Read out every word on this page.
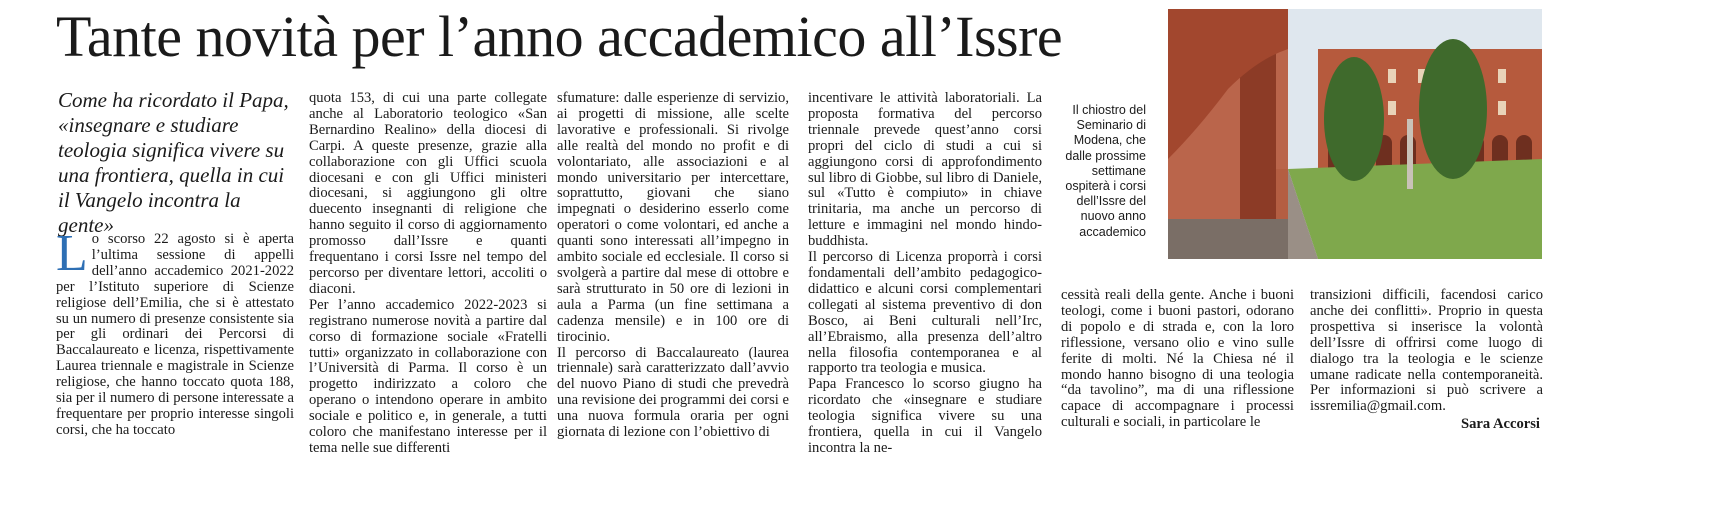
Tante novità per l’anno accademico all’Issre

Come ha ricordato il Papa, «insegnare e studiare teologia significa vivere su una frontiera, quella in cui il Vangelo incontra la gente»

Lo scorso 22 agosto si è aperta l’ultima sessione di appelli dell’anno accademico 2021-2022 per l’Istituto superiore di Scienze religiose dell’Emilia, che si è attestato su un numero di presenze consistente sia per gli ordinari dei Percorsi di Baccalaureato e licenza, rispettivamente Laurea triennale e magistrale in Scienze religiose, che hanno toccato quota 188, sia per il numero di persone interessate a frequentare per proprio interesse singoli corsi, che ha toccato

quota 153, di cui una parte collegate anche al Laboratorio teologico «San Bernardino Realino» della diocesi di Carpi. A queste presenze, grazie alla collaborazione con gli Uffici scuola diocesani e con gli Uffici ministeri diocesani, si aggiungono gli oltre duecento insegnanti di religione che hanno seguito il corso di aggiornamento promosso dall’Issre e quanti frequentano i corsi Issre nel tempo del percorso per diventare lettori, accoliti o diaconi.

Per l’anno accademico 2022-2023 si registrano numerose novità a partire dal corso di formazione sociale «Fratelli tutti» organizzato in collaborazione con l’Università di Parma. Il corso è un progetto indirizzato a coloro che operano o intendono operare in ambito sociale e politico e, in generale, a tutti coloro che manifestano interesse per il tema nelle sue differenti

sfumature: dalle esperienze di servizio, ai progetti di missione, alle scelte lavorative e professionali. Si rivolge alle realtà del mondo no profit e di volontariato, alle associazioni e al mondo universitario per intercettare, soprattutto, giovani che siano impegnati o desiderino esserlo come operatori o come volontari, ed anche a quanti sono interessati all’impegno in ambito sociale ed ecclesiale. Il corso si svolgerà a partire dal mese di ottobre e sarà strutturato in 50 ore di lezioni in aula a Parma (un fine settimana a cadenza mensile) e in 100 ore di tirocinio.

Il percorso di Baccalaureato (laurea triennale) sarà caratterizzato dall’avvio del nuovo Piano di studi che prevedrà una revisione dei programmi dei corsi e una nuova formula oraria per ogni giornata di lezione con l’obiettivo di

incentivare le attività laboratoriali. La proposta formativa del percorso triennale prevede quest’anno corsi propri del ciclo di studi a cui si aggiungono corsi di approfondimento sul libro di Giobbe, sul libro di Daniele, sul «Tutto è compiuto» in chiave trinitaria, ma anche un percorso di letture e immagini nel mondo hindo-buddhista.

Il percorso di Licenza proporrà i corsi fondamentali dell’ambito pedagogico-didattico e alcuni corsi complementari collegati al sistema preventivo di don Bosco, ai Beni culturali nell’Irc, all’Ebraismo, alla presenza dell’altro nella filosofia contemporanea e al rapporto tra teologia e musica.

Papa Francesco lo scorso giugno ha ricordato che «insegnare e studiare teologia significa vivere su una frontiera, quella in cui il Vangelo incontra la ne-

cessità reali della gente. Anche i buoni teologi, come i buoni pastori, odorano di popolo e di strada e, con la loro riflessione, versano olio e vino sulle ferite di molti. Né la Chiesa né il mondo hanno bisogno di una teologia “da tavolino”, ma di una riflessione capace di accompagnare i processi culturali e sociali, in particolare le

transizioni difficili, facendosi carico anche dei conflitti». Proprio in questa prospettiva si inserisce la volontà dell’Issre di offrirsi come luogo di dialogo tra la teologia e le scienze umane radicate nella contemporaneità. Per informazioni si può scrivere a issremilia@gmail.com.

Il chiostro del Seminario di Modena, che dalle prossime settimane ospiterà i corsi dell’Issre del nuovo anno accademico

Sara Accorsi
